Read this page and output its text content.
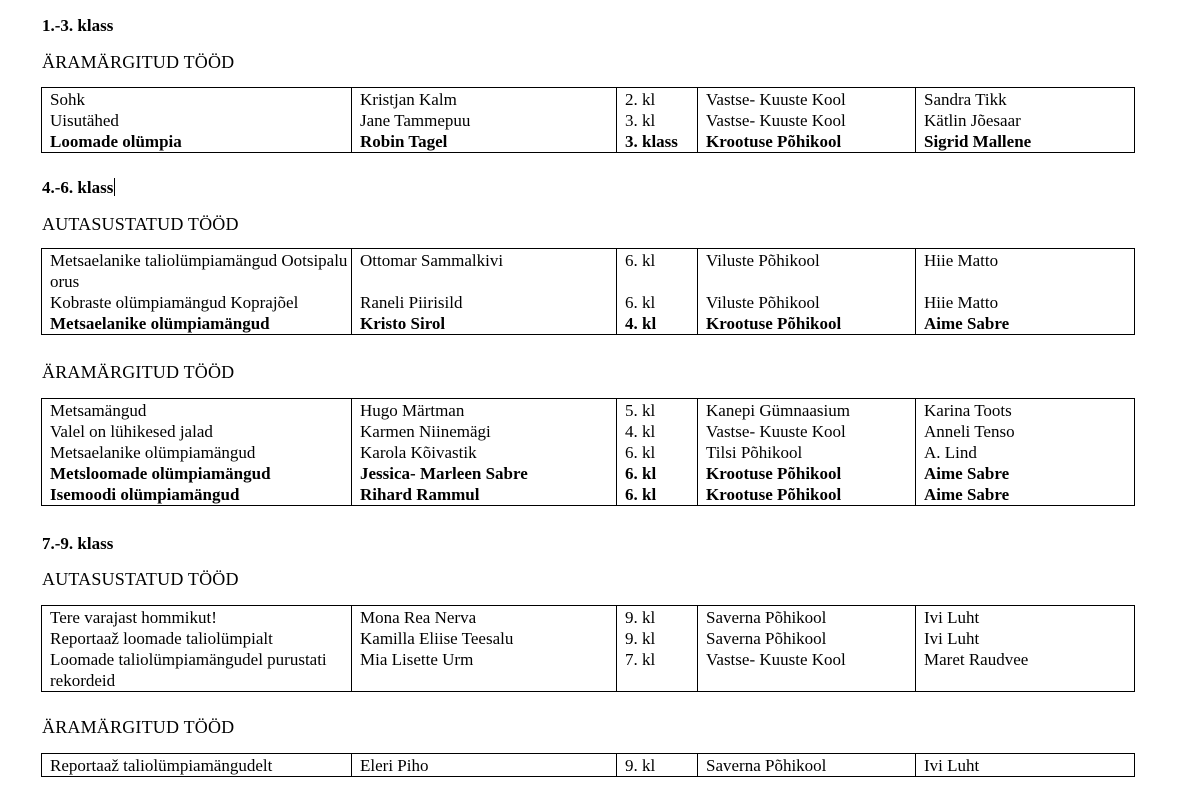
1.-3. klass
ÄRAMÄRGITUD TÖÖD
Sohk	Kristjan Kalm	2. kl	Vastse- Kuuste Kool	Sandra Tikk
Uisutähed	Jane Tammepuu	3. kl	Vastse- Kuuste Kool	Kätlin Jõesaar
Loomade olümpia	Robin Tagel	3. klass	Krootuse Põhikool	Sigrid Mallene
4.-6. klass
AUTASUSTATUD TÖÖD
Metsaelanike taliolümpiamängud Ootsipalu orus	Ottomar Sammalkivi	6. kl	Viluste Põhikool	Hiie Matto
Kobraste olümpiamängud Koprajõel	Raneli Piirisild	6. kl	Viluste Põhikool	Hiie Matto
Metsaelanike olümpiamängud	Kristo Sirol	4. kl	Krootuse Põhikool	Aime Sabre
ÄRAMÄRGITUD TÖÖD
Metsamängud	Hugo Märtman	5. kl	Kanepi Gümnaasium	Karina Toots
Valel on lühikesed jalad	Karmen Niinemägi	4. kl	Vastse- Kuuste Kool	Anneli Tenso
Metsaelanike olümpiamängud	Karola Kõivastik	6. kl	Tilsi Põhikool	A. Lind
Metsloomade olümpiamängud	Jessica- Marleen Sabre	6. kl	Krootuse Põhikool	Aime Sabre
Isemoodi olümpiamängud	Rihard Rammul	6. kl	Krootuse Põhikool	Aime Sabre
7.-9. klass
AUTASUSTATUD TÖÖD
Tere varajast hommikut!	Mona Rea Nerva	9. kl	Saverna Põhikool	Ivi Luht
Reportaaž loomade taliolümpialt	Kamilla Eliise Teesalu	9. kl	Saverna Põhikool	Ivi Luht
Loomade taliolümpiamängudel purustati rekordeid	Mia Lisette Urm	7. kl	Vastse- Kuuste Kool	Maret Raudvee
ÄRAMÄRGITUD TÖÖD
Reportaaž taliolümpiamängudelt	Eleri Piho	9. kl	Saverna Põhikool	Ivi Luht
